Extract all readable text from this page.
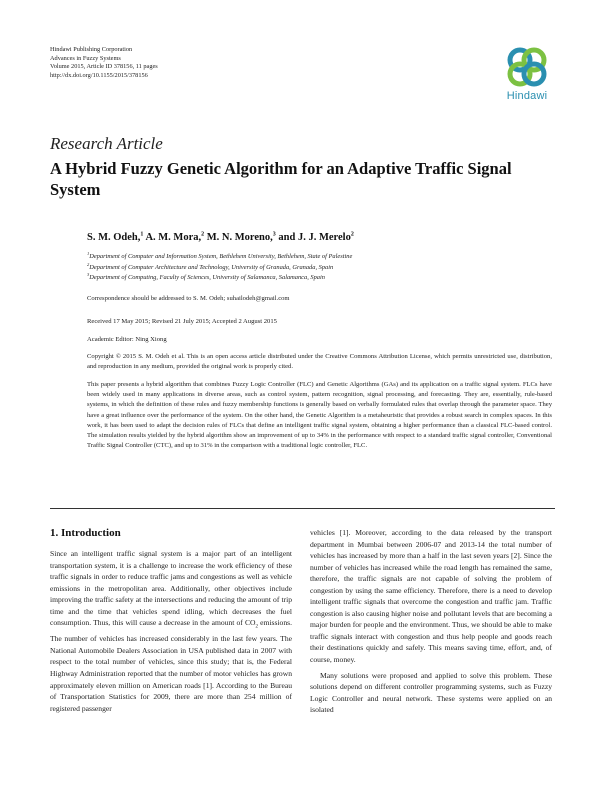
Hindawi Publishing Corporation
Advances in Fuzzy Systems
Volume 2015, Article ID 378156, 11 pages
http://dx.doi.org/10.1155/2015/378156
Hindawi
Research Article
A Hybrid Fuzzy Genetic Algorithm for an Adaptive Traffic Signal System
S. M. Odeh,$^1$ A. M. Mora,$^2$ M. N. Moreno,$^3$ and J. J. Merelo$^2$
$^1$Department of Computer and Information System, Bethlehem University, Bethlehem, State of Palestine
$^2$Department of Computer Architecture and Technology, University of Granada, Granada, Spain
$^3$Department of Computing, Faculty of Sciences, University of Salamanca, Salamanca, Spain
Correspondence should be addressed to S. M. Odeh; suhailodeh@gmail.com
Received 17 May 2015; Revised 21 July 2015; Accepted 2 August 2015
Academic Editor: Ning Xiong
Copyright © 2015 S. M. Odeh et al. This is an open access article distributed under the Creative Commons Attribution License, which permits unrestricted use, distribution, and reproduction in any medium, provided the original work is properly cited.
This paper presents a hybrid algorithm that combines Fuzzy Logic Controller (FLC) and Genetic Algorithms (GAs) and its application on a traffic signal system. FLCs have been widely used in many applications in diverse areas, such as control system, pattern recognition, signal processing, and forecasting. They are, essentially, rule-based systems, in which the definition of these rules and fuzzy membership functions is generally based on verbally formulated rules that overlap through the parameter space. They have a great influence over the performance of the system. On the other hand, the Genetic Algorithm is a metaheuristic that provides a robust search in complex spaces. In this work, it has been used to adapt the decision rules of FLCs that define an intelligent traffic signal system, obtaining a higher performance than a classical FLC-based control. The simulation results yielded by the hybrid algorithm show an improvement of up to 34% in the performance with respect to a standard traffic signal controller, Conventional Traffic Signal Controller (CTC), and up to 31% in the comparison with a traditional logic controller, FLC.
1. Introduction

Since an intelligent traffic signal system is a major part of an intelligent transportation system, it is a challenge to increase the work efficiency of these traffic signals in order to reduce traffic jams and congestions as well as vehicle emissions in the metropolitan area. Additionally, other objectives include improving the traffic safety at the intersections and reducing the amount of trip time and the time that vehicles spend idling, which decreases the fuel consumption. Thus, this will cause a decrease in the amount of $CO_2$ emissions. The number of vehicles has increased considerably in the last few years. The National Automobile Dealers Association in USA published data in 2007 with respect to the total number of vehicles, since this study; that is, the Federal Highway Administration reported that the number of motor vehicles has grown approximately eleven million on American roads [1]. According to the Bureau of Transportation Statistics for 2009, there are more than 254 million of registered passenger

vehicles [1]. Moreover, according to the data released by the transport department in Mumbai between 2006-07 and 2013-14 the total number of vehicles has increased by more than a half in the last seven years [2]. Since the number of vehicles has increased while the road length has remained the same, therefore, the traffic signals are not capable of solving the problem of congestion by using the same efficiency. Therefore, there is a need to develop intelligent traffic signals that overcome the congestion and traffic jam. Traffic congestion is also causing higher noise and pollutant levels that are becoming a major burden for people and the environment. Thus, we should be able to make traffic signals interact with congestion and thus help people and goods reach their destinations quickly and safely. This means saving time, effort, and, of course, money.

Many solutions were proposed and applied to solve this problem. These solutions depend on different controller programming systems, such as Fuzzy Logic Controller and neural network. These systems were applied on an isolated
